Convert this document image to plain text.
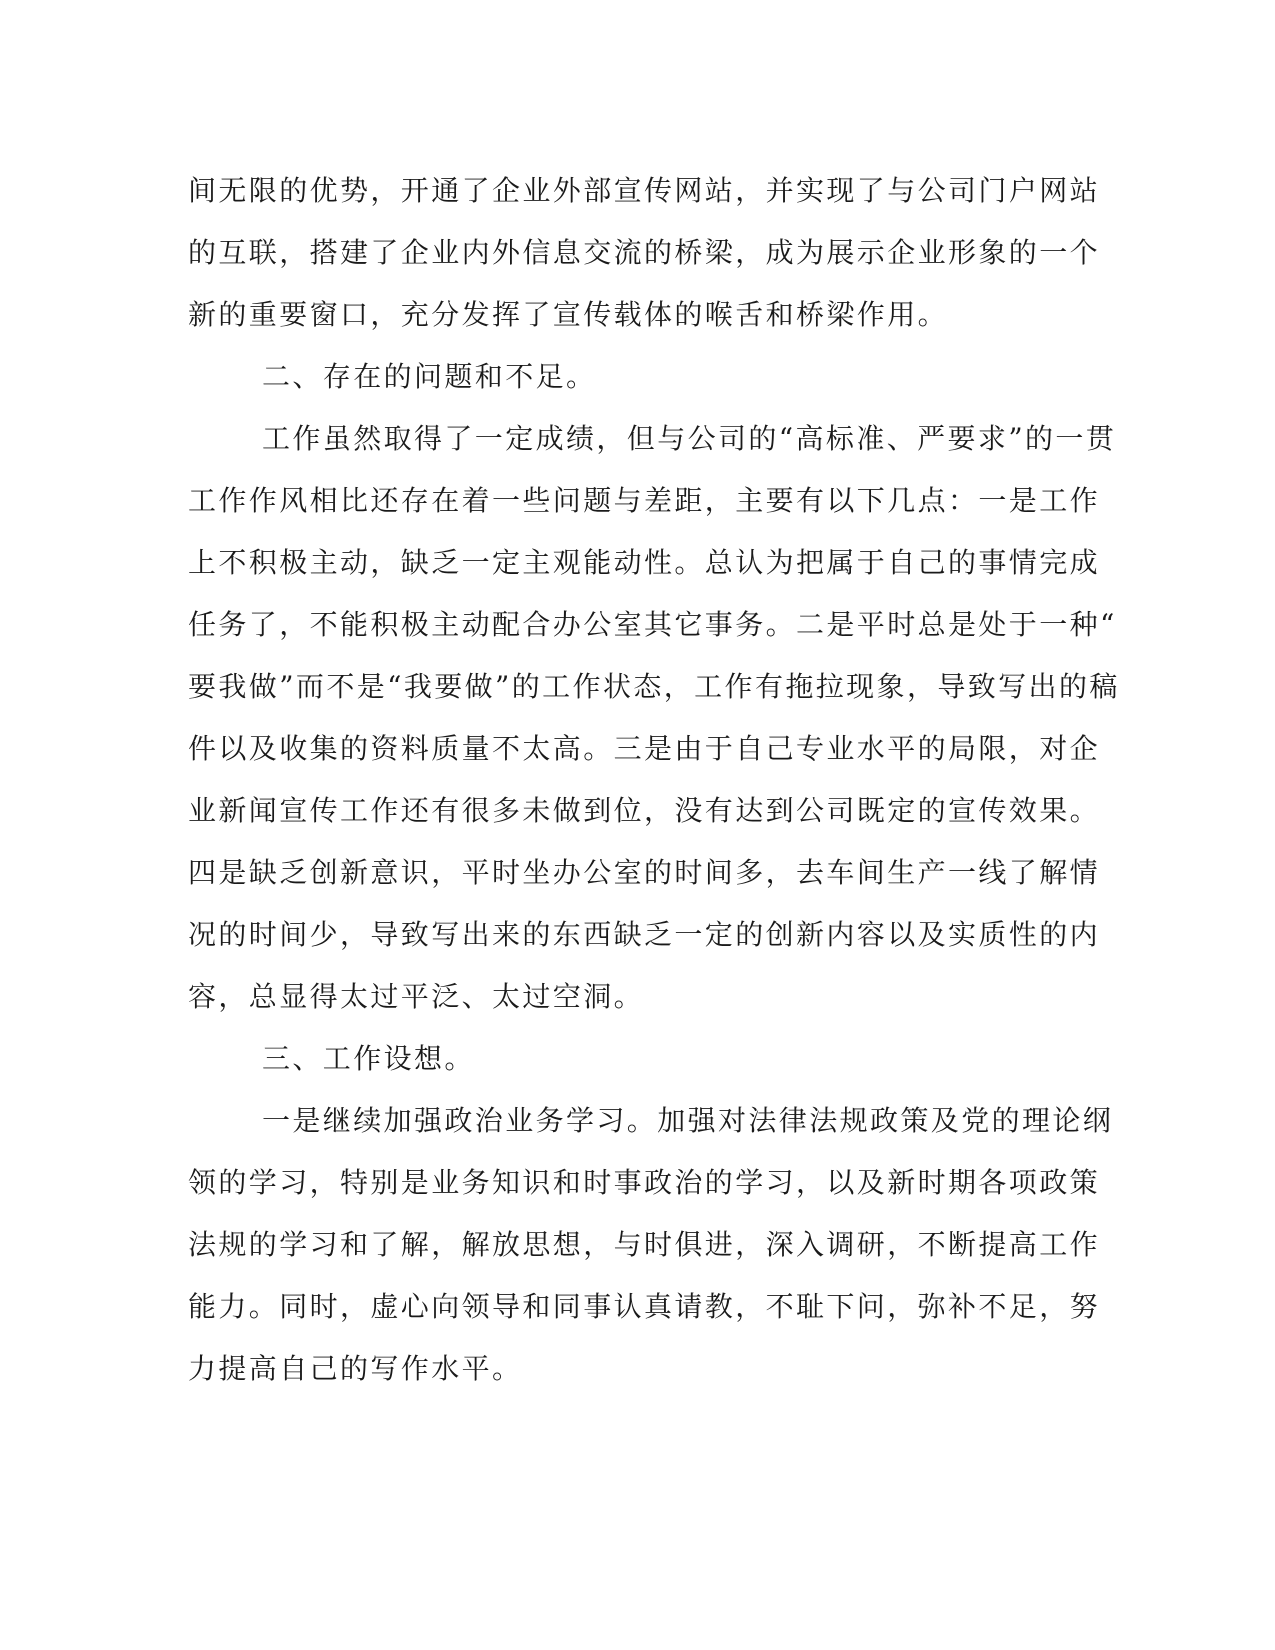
间无限的优势，开通了企业外部宣传网站，并实现了与公司门户网站
的互联，搭建了企业内外信息交流的桥梁，成为展示企业形象的一个
新的重要窗口，充分发挥了宣传载体的喉舌和桥梁作用。
二、存在的问题和不足。
工作虽然取得了一定成绩，但与公司的“高标准、严要求”的一贯
工作作风相比还存在着一些问题与差距，主要有以下几点：一是工作
上不积极主动，缺乏一定主观能动性。总认为把属于自己的事情完成
任务了，不能积极主动配合办公室其它事务。二是平时总是处于一种“
要我做”而不是“我要做”的工作状态，工作有拖拉现象，导致写出的稿
件以及收集的资料质量不太高。三是由于自己专业水平的局限，对企
业新闻宣传工作还有很多未做到位，没有达到公司既定的宣传效果。
四是缺乏创新意识，平时坐办公室的时间多，去车间生产一线了解情
况的时间少，导致写出来的东西缺乏一定的创新内容以及实质性的内
容，总显得太过平泛、太过空洞。
三、工作设想。
一是继续加强政治业务学习。加强对法律法规政策及党的理论纲
领的学习，特别是业务知识和时事政治的学习，以及新时期各项政策
法规的学习和了解，解放思想，与时俱进，深入调研，不断提高工作
能力。同时，虚心向领导和同事认真请教，不耻下问，弥补不足，努
力提高自己的写作水平。
